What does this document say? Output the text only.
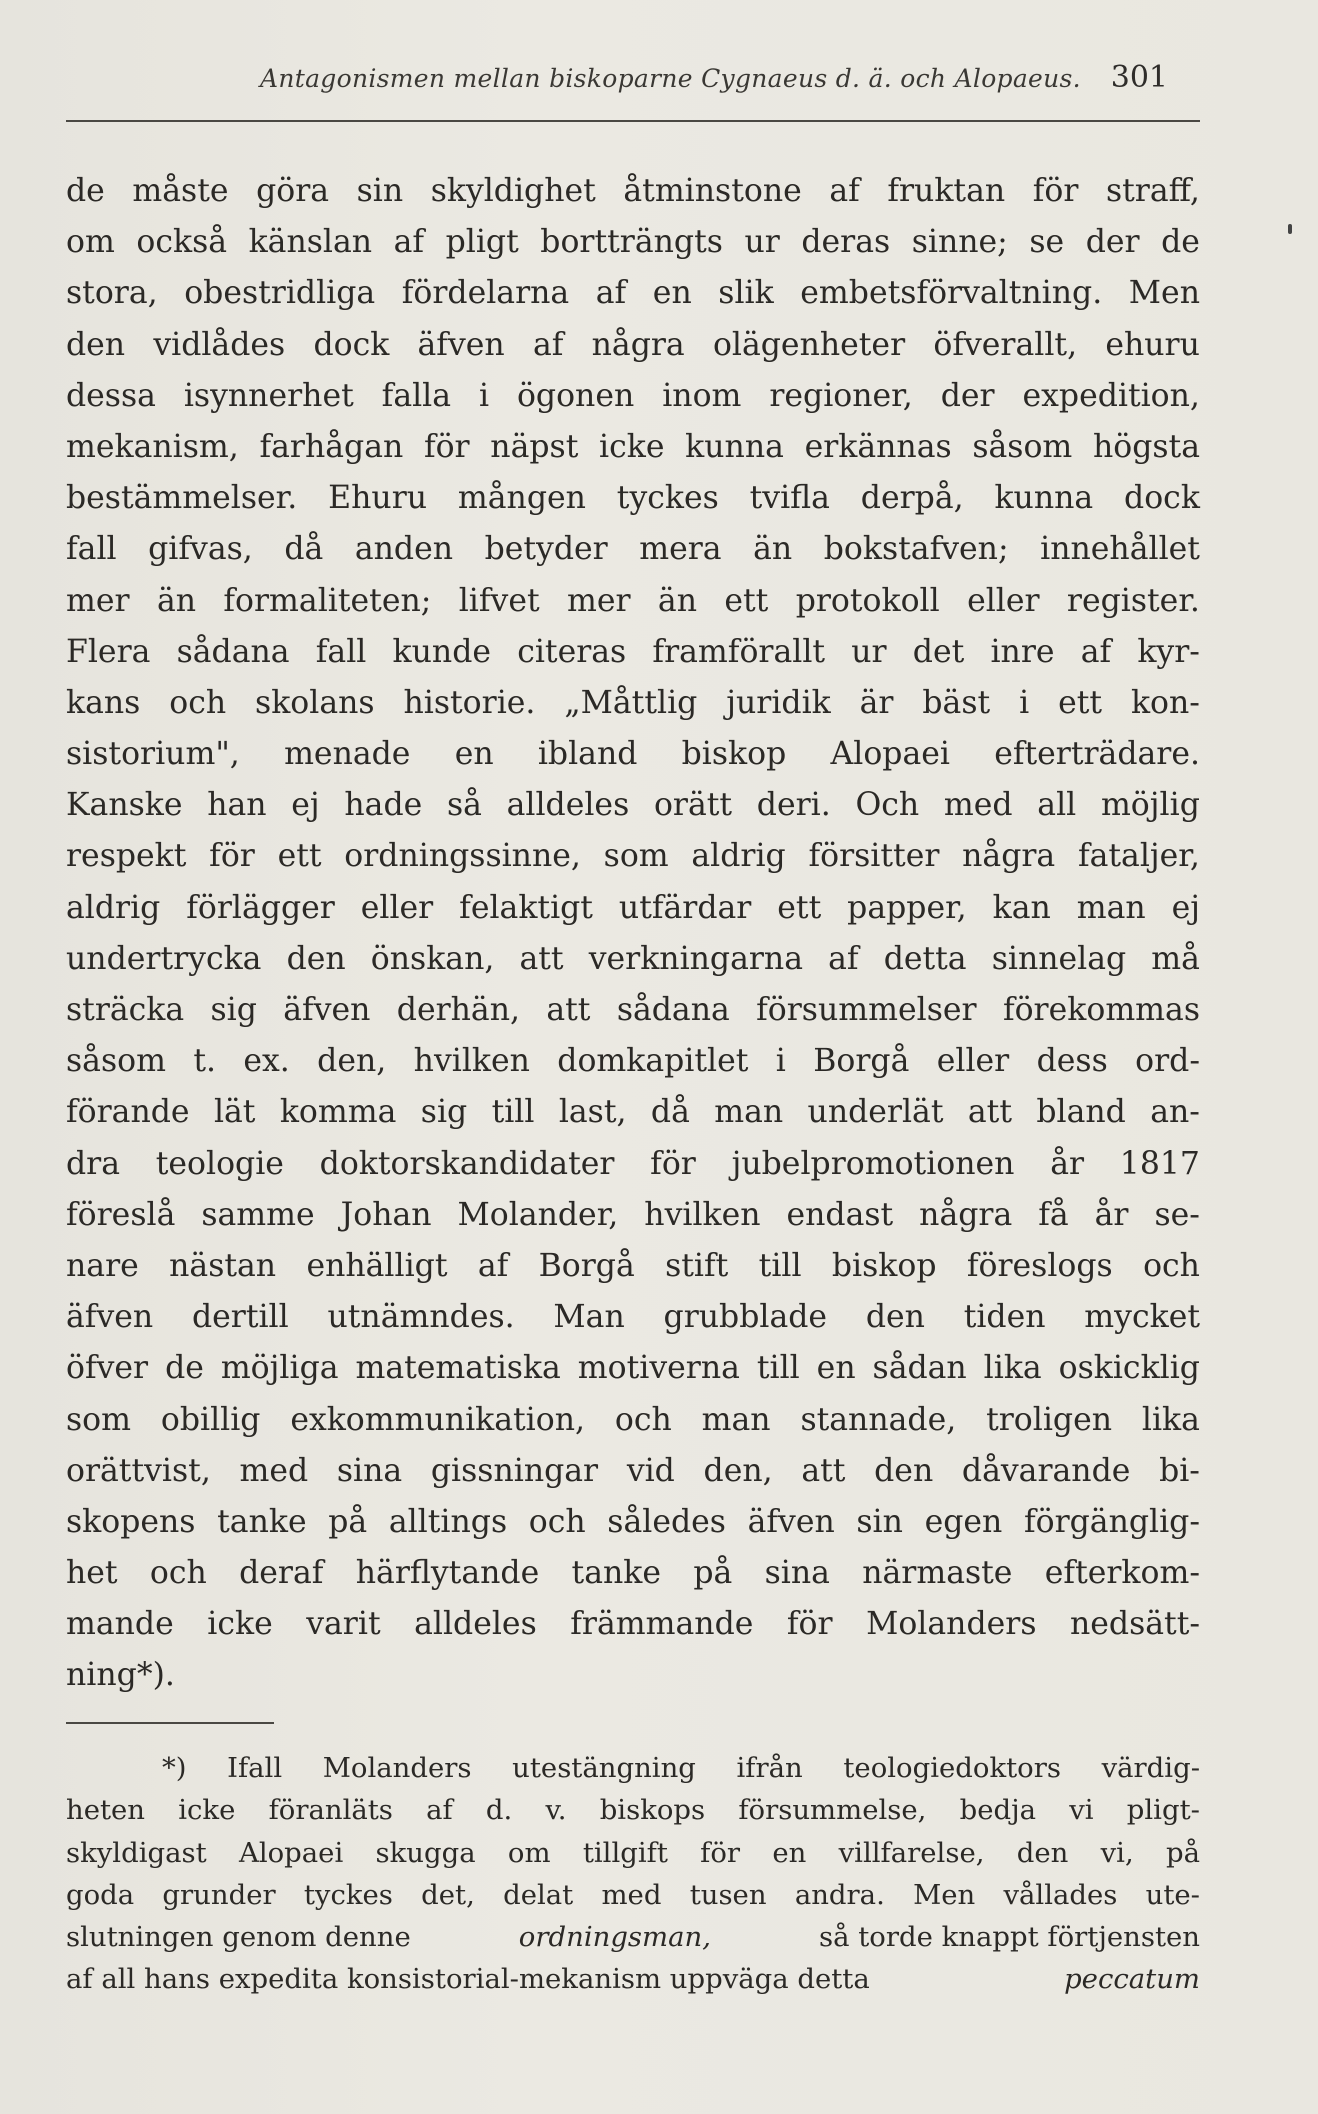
Antagonismen mellan biskoparne Cygnaeus d. ä. och Alopaeus. 301
de måste göra sin skyldighet åtminstone af fruktan för straff,
om också känslan af pligt bortträngts ur deras sinne; se der de
stora, obestridliga fördelarna af en slik embetsförvaltning. Men
den vidlådes dock äfven af några olägenheter öfverallt, ehuru
dessa isynnerhet falla i ögonen inom regioner, der expedition,
mekanism, farhågan för näpst icke kunna erkännas såsom högsta
bestämmelser. Ehuru mången tyckes tvifla derpå, kunna dock
fall gifvas, då anden betyder mera än bokstafven; innehållet
mer än formaliteten; lifvet mer än ett protokoll eller register.
Flera sådana fall kunde citeras framförallt ur det inre af kyr-
kans och skolans historie. „Måttlig juridik är bäst i ett kon-
sistorium", menade en ibland biskop Alopaei efterträdare.
Kanske han ej hade så alldeles orätt deri. Och med all möjlig
respekt för ett ordningssinne, som aldrig försitter några fataljer,
aldrig förlägger eller felaktigt utfärdar ett papper, kan man ej
undertrycka den önskan, att verkningarna af detta sinnelag må
sträcka sig äfven derhän, att sådana försummelser förekommas
såsom t. ex. den, hvilken domkapitlet i Borgå eller dess ord-
förande lät komma sig till last, då man underlät att bland an-
dra teologie doktorskandidater för jubelpromotionen år 1817
föreslå samme Johan Molander, hvilken endast några få år se-
nare nästan enhälligt af Borgå stift till biskop föreslogs och
äfven dertill utnämndes. Man grubblade den tiden mycket
öfver de möjliga matematiska motiverna till en sådan lika oskicklig
som obillig exkommunikation, och man stannade, troligen lika
orättvist, med sina gissningar vid den, att den dåvarande bi-
skopens tanke på alltings och således äfven sin egen förgänglig-
het och deraf härflytande tanke på sina närmaste efterkom-
mande icke varit alldeles främmande för Molanders nedsätt-
ning*).
*) Ifall Molanders utestängning ifrån teologiedoktors värdig-
heten icke föranläts af d. v. biskops försummelse, bedja vi pligt-
skyldigast Alopaei skugga om tillgift för en villfarelse, den vi, på
goda grunder tyckes det, delat med tusen andra. Men vållades ute-
slutningen genom denne	ordningsman,	så torde knappt förtjensten
af all hans expedita konsistorial-mekanism uppväga detta	peccatum
